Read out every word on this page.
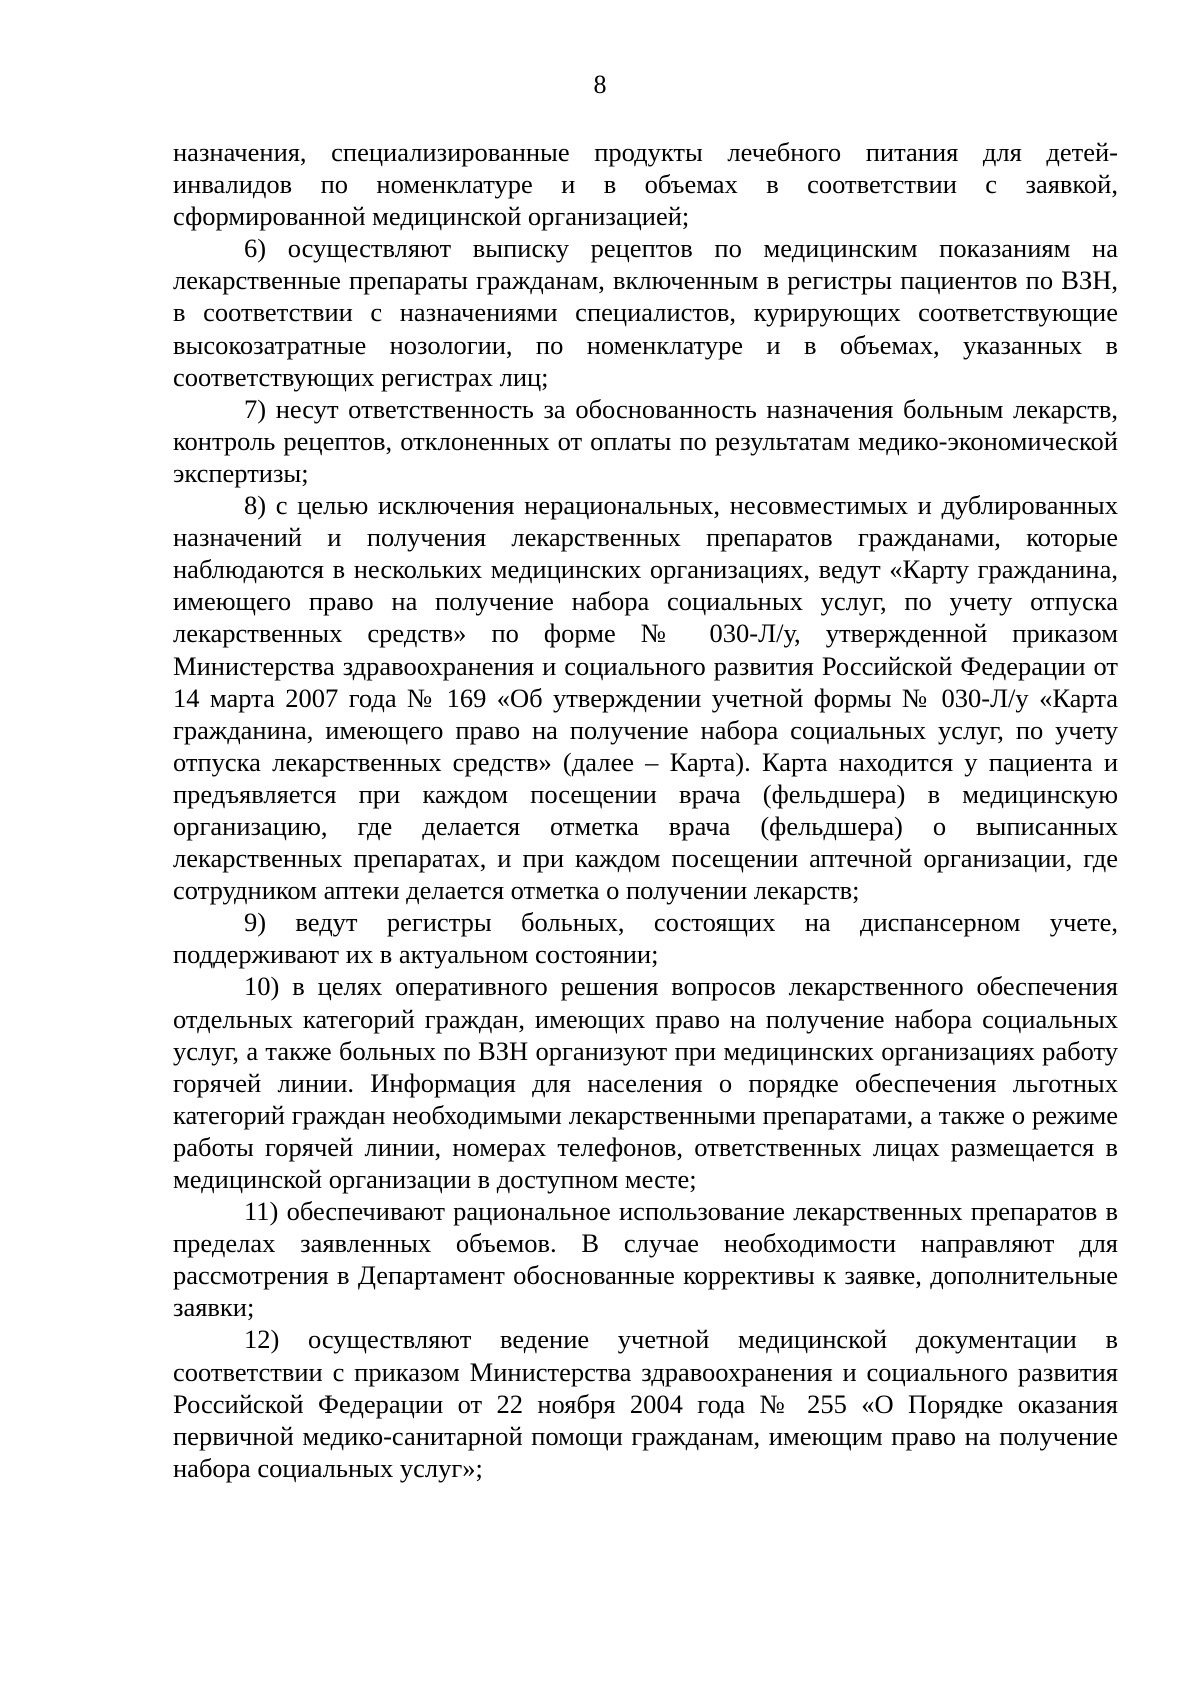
8

назначения, специализированные продукты лечебного питания для детей-инвалидов по номенклатуре и в объемах в соответствии с заявкой, сформированной медицинской организацией;

6) осуществляют выписку рецептов по медицинским показаниям на лекарственные препараты гражданам, включенным в регистры пациентов по ВЗН, в соответствии с назначениями специалистов, курирующих соответствующие высокозатратные нозологии, по номенклатуре и в объемах, указанных в соответствующих регистрах лиц;

7) несут ответственность за обоснованность назначения больным лекарств, контроль рецептов, отклоненных от оплаты по результатам медико-экономической экспертизы;

8) с целью исключения нерациональных, несовместимых и дублированных назначений и получения лекарственных препаратов гражданами, которые наблюдаются в нескольких медицинских организациях, ведут «Карту гражданина, имеющего право на получение набора социальных услуг, по учету отпуска лекарственных средств» по форме № 030-Л/у, утвержденной приказом Министерства здравоохранения и социального развития Российской Федерации от 14 марта 2007 года № 169 «Об утверждении учетной формы № 030-Л/у «Карта гражданина, имеющего право на получение набора социальных услуг, по учету отпуска лекарственных средств» (далее – Карта). Карта находится у пациента и предъявляется при каждом посещении врача (фельдшера) в медицинскую организацию, где делается отметка врача (фельдшера) о выписанных лекарственных препаратах, и при каждом посещении аптечной организации, где сотрудником аптеки делается отметка о получении лекарств;

9) ведут регистры больных, состоящих на диспансерном учете, поддерживают их в актуальном состоянии;

10) в целях оперативного решения вопросов лекарственного обеспечения отдельных категорий граждан, имеющих право на получение набора социальных услуг, а также больных по ВЗН организуют при медицинских организациях работу горячей линии. Информация для населения о порядке обеспечения льготных категорий граждан необходимыми лекарственными препаратами, а также о режиме работы горячей линии, номерах телефонов, ответственных лицах размещается в медицинской организации в доступном месте;

11) обеспечивают рациональное использование лекарственных препаратов в пределах заявленных объемов. В случае необходимости направляют для рассмотрения в Департамент обоснованные коррективы к заявке, дополнительные заявки;

12) осуществляют ведение учетной медицинской документации в соответствии с приказом Министерства здравоохранения и социального развития Российской Федерации от 22 ноября 2004 года № 255 «О Порядке оказания первичной медико-санитарной помощи гражданам, имеющим право на получение набора социальных услуг»;
